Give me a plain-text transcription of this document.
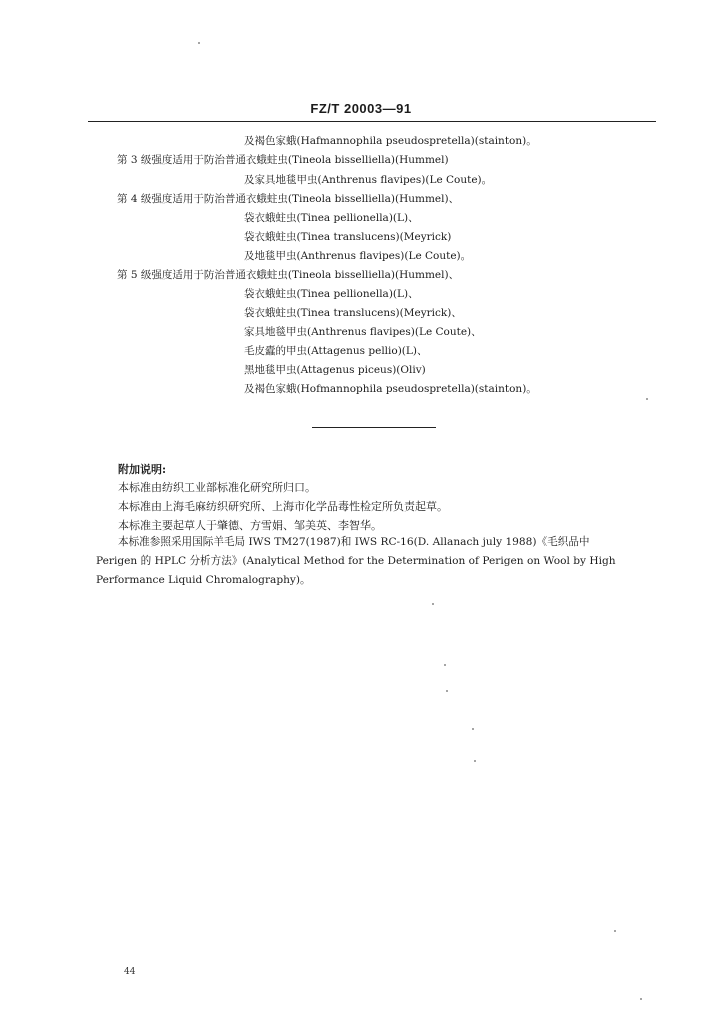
FZ/T 20003—91
及褐色家蛾(Hafmannophila pseudospretella)(stainton)。
第 3 级强度适用于防治普通衣蛾蛀虫(Tineola bisselliella)(Hummel)
及家具地毯甲虫(Anthrenus flavipes)(Le Coute)。
第 4 级强度适用于防治普通衣蛾蛀虫(Tineola bisselliella)(Hummel)、
袋衣蛾蛀虫(Tinea pellionella)(L)、
袋衣蛾蛀虫(Tinea translucens)(Meyrick)
及地毯甲虫(Anthrenus flavipes)(Le Coute)。
第 5 级强度适用于防治普通衣蛾蛀虫(Tineola bisselliella)(Hummel)、
袋衣蛾蛀虫(Tinea pellionella)(L)、
袋衣蛾蛀虫(Tinea translucens)(Meyrick)、
家具地毯甲虫(Anthrenus flavipes)(Le Coute)、
毛皮蠹的甲虫(Attagenus pellio)(L)、
黑地毯甲虫(Attagenus piceus)(Oliv)
及褐色家蛾(Hofmannophila pseudospretella)(stainton)。
附加说明:
本标准由纺织工业部标准化研究所归口。
本标准由上海毛麻纺织研究所、上海市化学品毒性检定所负责起草。
本标准主要起草人于肇德、方雪娟、邹美英、李智华。
本标准参照采用国际羊毛局 IWS TM27(1987)和 IWS RC-16(D. Allanach july 1988)《毛织品中
Perigen 的 HPLC 分析方法》(Analytical Method for the Determination of Perigen on Wool by High
Performance Liquid Chromalography)。
44
